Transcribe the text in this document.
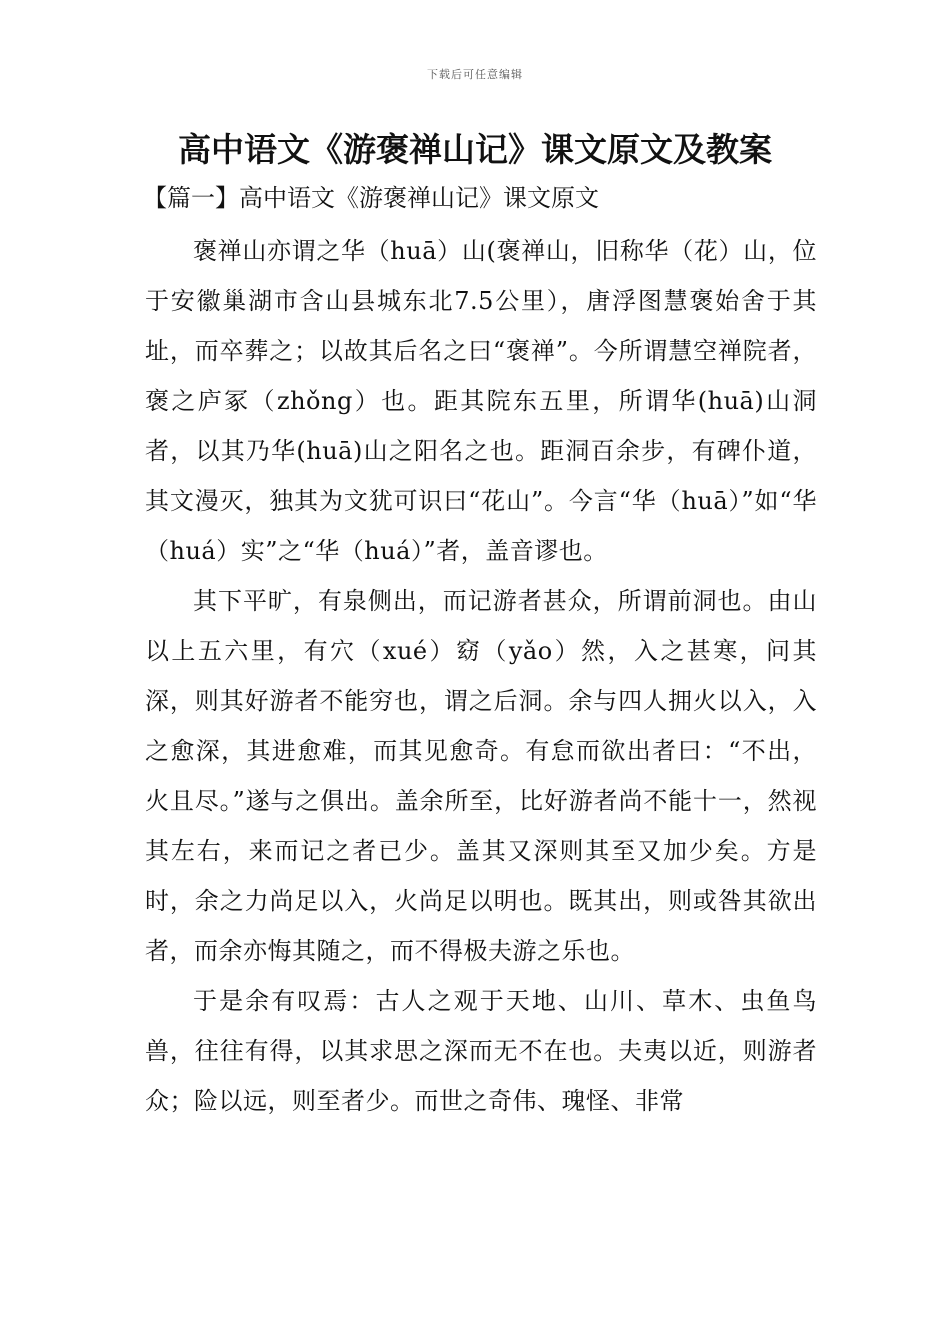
下载后可任意编辑
高中语文《游褒禅山记》课文原文及教案
【篇一】高中语文《游褒禅山记》课文原文

褒禅山亦谓之华（huā）山(褒禅山，旧称华（花）山，位于安徽巢湖市含山县城东北7.5公里），唐浮图慧褒始舍于其址，而卒葬之；以故其后名之曰“褒禅”。今所谓慧空禅院者，褒之庐冢（zhǒng）也。距其院东五里，所谓华(huā)山洞者，以其乃华(huā)山之阳名之也。距洞百余步，有碑仆道，其文漫灭，独其为文犹可识曰“花山”。今言“华（huā）”如“华（huá）实”之“华（huá）”者，盖音谬也。

其下平旷，有泉侧出，而记游者甚众，所谓前洞也。由山以上五六里，有穴（xué）窈（yǎo）然，入之甚寒，问其深，则其好游者不能穷也，谓之后洞。余与四人拥火以入，入之愈深，其进愈难，而其见愈奇。有怠而欲出者曰：“不出，火且尽。”遂与之俱出。盖余所至，比好游者尚不能十一，然视其左右，来而记之者已少。盖其又深则其至又加少矣。方是时，余之力尚足以入，火尚足以明也。既其出，则或咎其欲出者，而余亦悔其随之，而不得极夫游之乐也。

于是余有叹焉：古人之观于天地、山川、草木、虫鱼鸟兽，往往有得，以其求思之深而无不在也。夫夷以近，则游者众；险以远，则至者少。而世之奇伟、瑰怪、非常
